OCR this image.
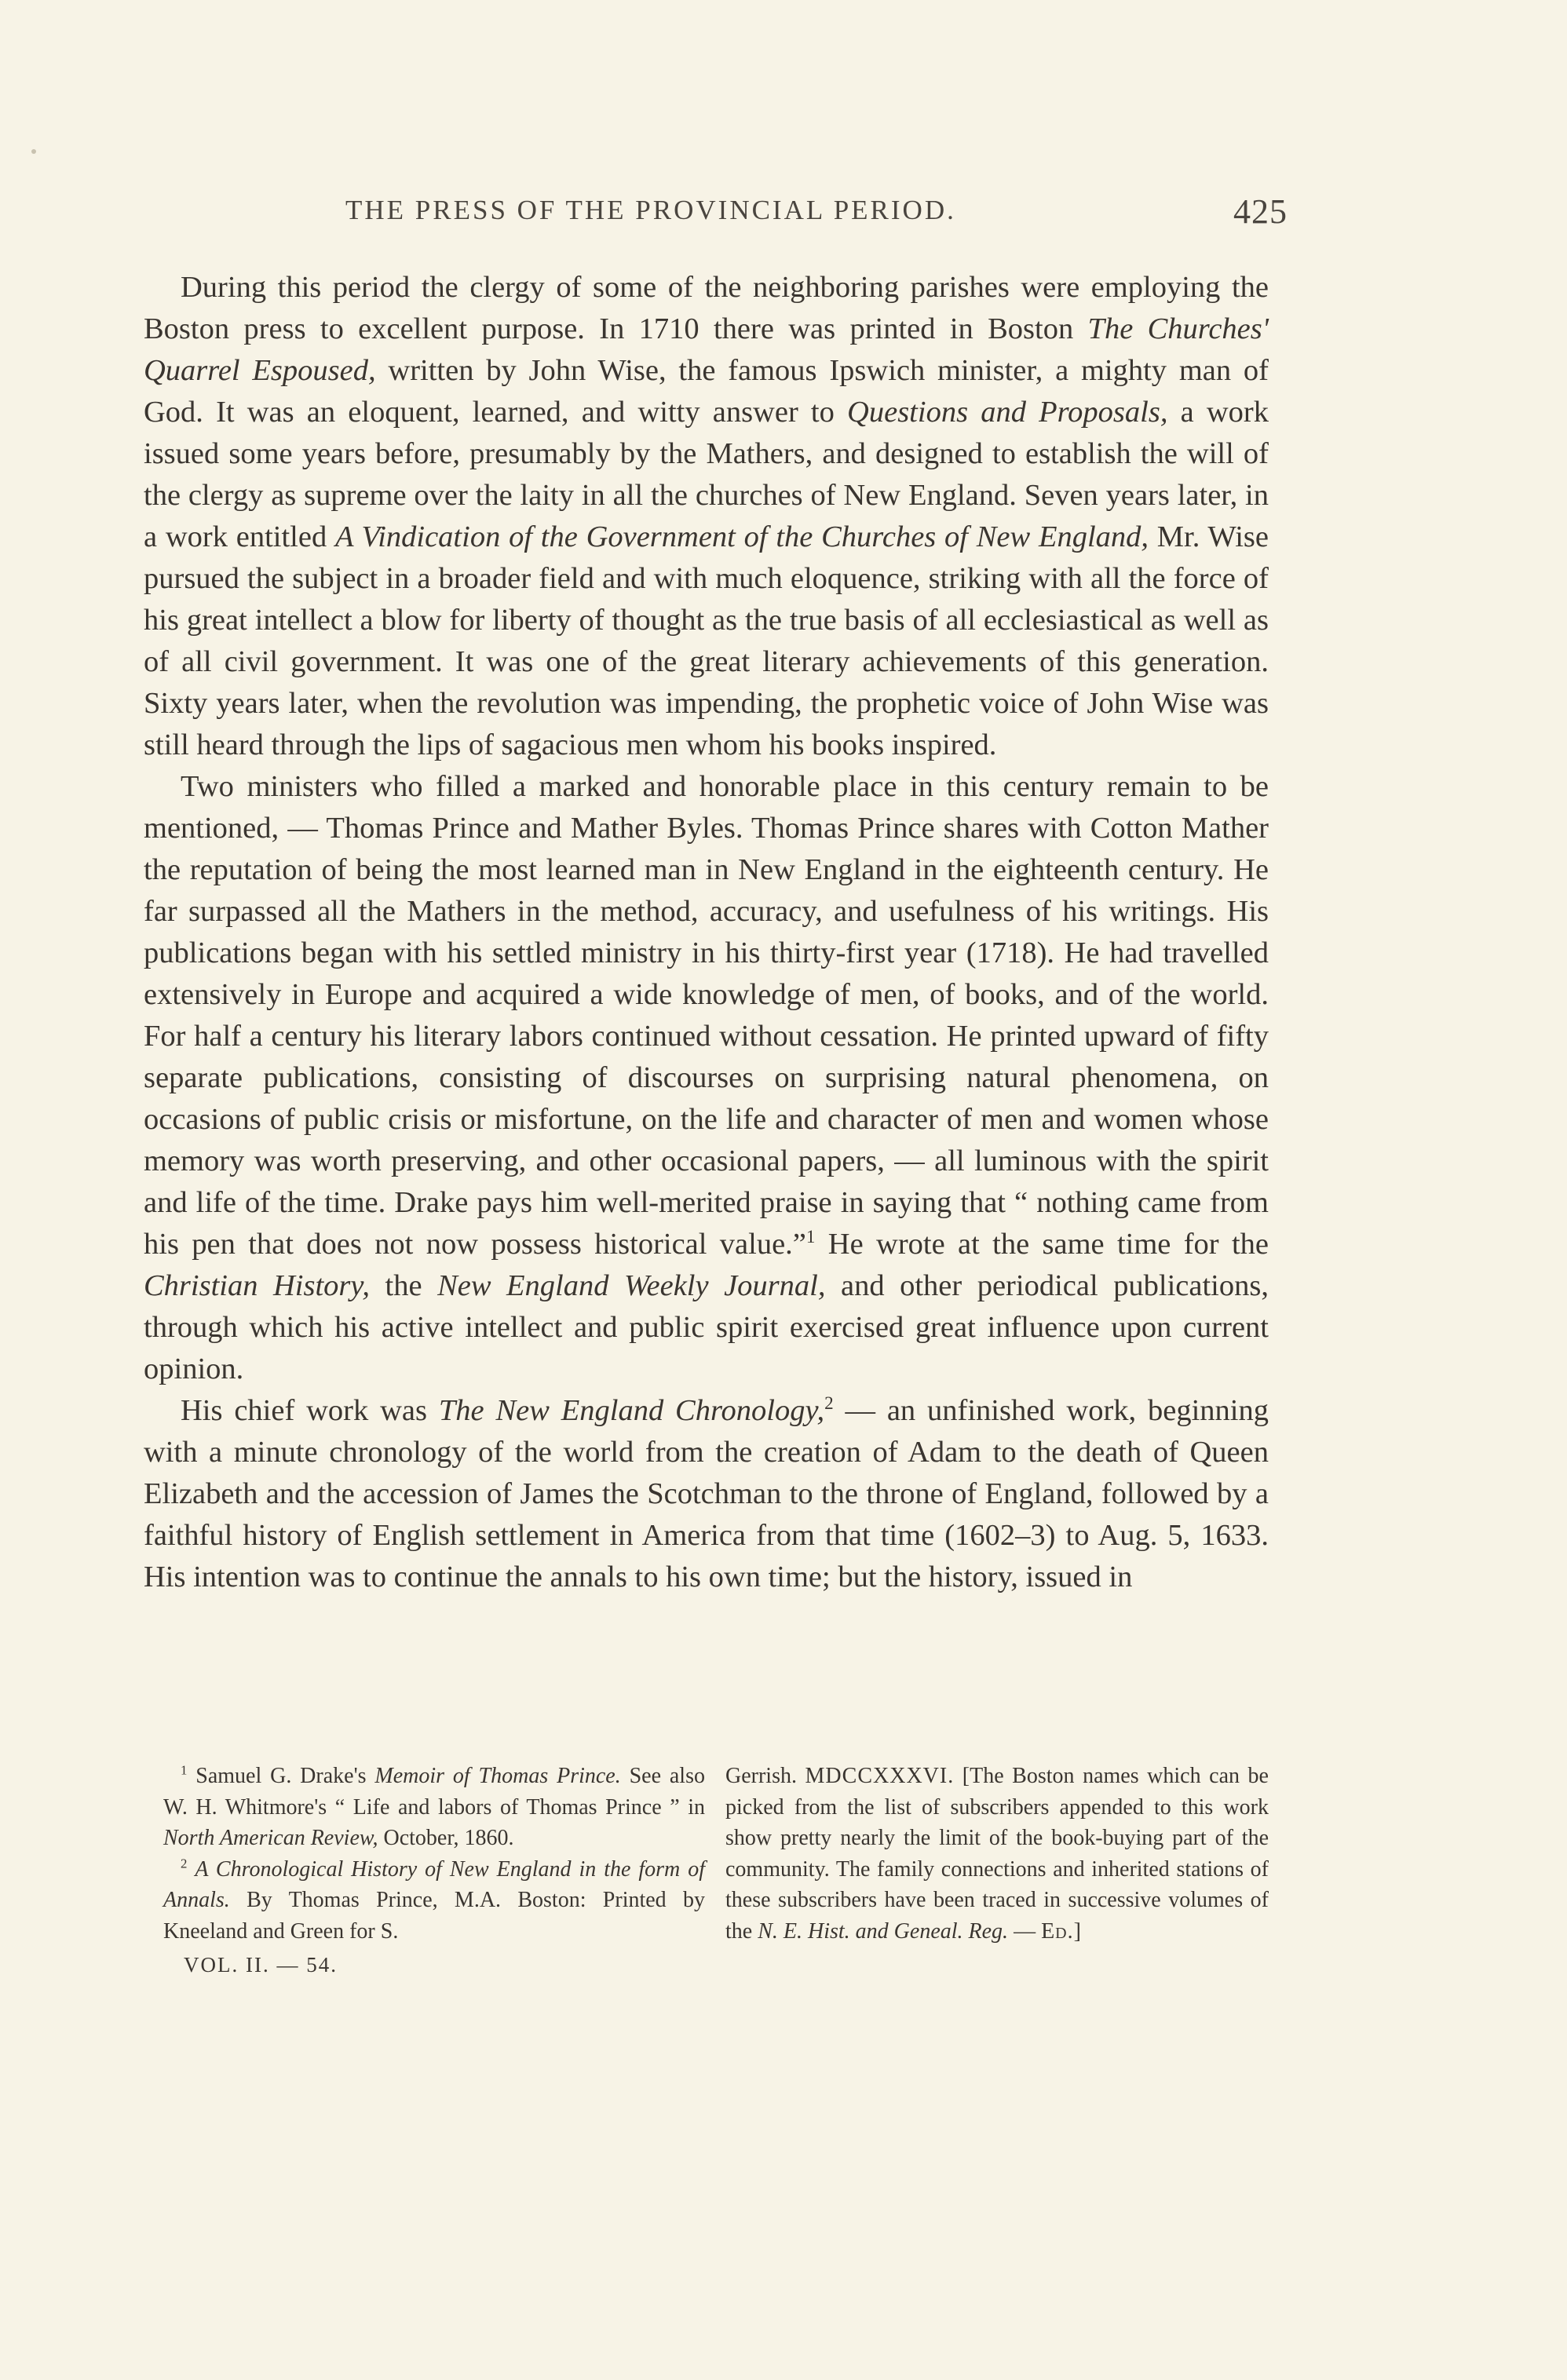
THE PRESS OF THE PROVINCIAL PERIOD.	425

During this period the clergy of some of the neighboring parishes were employing the Boston press to excellent purpose. In 1710 there was printed in Boston The Churches' Quarrel Espoused, written by John Wise, the famous Ipswich minister, a mighty man of God. It was an eloquent, learned, and witty answer to Questions and Proposals, a work issued some years before, presumably by the Mathers, and designed to establish the will of the clergy as supreme over the laity in all the churches of New England. Seven years later, in a work entitled A Vindication of the Government of the Churches of New England, Mr. Wise pursued the subject in a broader field and with much eloquence, striking with all the force of his great intellect a blow for liberty of thought as the true basis of all ecclesiastical as well as of all civil government. It was one of the great literary achievements of this generation. Sixty years later, when the revolution was impending, the prophetic voice of John Wise was still heard through the lips of sagacious men whom his books inspired.

Two ministers who filled a marked and honorable place in this century remain to be mentioned, — Thomas Prince and Mather Byles. Thomas Prince shares with Cotton Mather the reputation of being the most learned man in New England in the eighteenth century. He far surpassed all the Mathers in the method, accuracy, and usefulness of his writings. His publications began with his settled ministry in his thirty-first year (1718). He had travelled extensively in Europe and acquired a wide knowledge of men, of books, and of the world. For half a century his literary labors continued without cessation. He printed upward of fifty separate publications, consisting of discourses on surprising natural phenomena, on occasions of public crisis or misfortune, on the life and character of men and women whose memory was worth preserving, and other occasional papers, — all luminous with the spirit and life of the time. Drake pays him well-merited praise in saying that “ nothing came from his pen that does not now possess historical value.”$^1$ He wrote at the same time for the Christian History, the New England Weekly Journal, and other periodical publications, through which his active intellect and public spirit exercised great influence upon current opinion.

His chief work was The New England Chronology,$^2$ — an unfinished work, beginning with a minute chronology of the world from the creation of Adam to the death of Queen Elizabeth and the accession of James the Scotchman to the throne of England, followed by a faithful history of English settlement in America from that time (1602–3) to Aug. 5, 1633. His intention was to continue the annals to his own time; but the history, issued in

$^1$ Samuel G. Drake's Memoir of Thomas Prince. See also W. H. Whitmore's “ Life and labors of Thomas Prince ” in North American Review, October, 1860.

$^2$ A Chronological History of New England in the form of Annals. By Thomas Prince, M.A. Boston: Printed by Kneeland and Green for S.

VOL. II. — 54.

Gerrish. MDCCXXXVI. [The Boston names which can be picked from the list of subscribers appended to this work show pretty nearly the limit of the book-buying part of the community. The family connections and inherited stations of these subscribers have been traced in successive volumes of the N. E. Hist. and Geneal. Reg. — Ed.]
